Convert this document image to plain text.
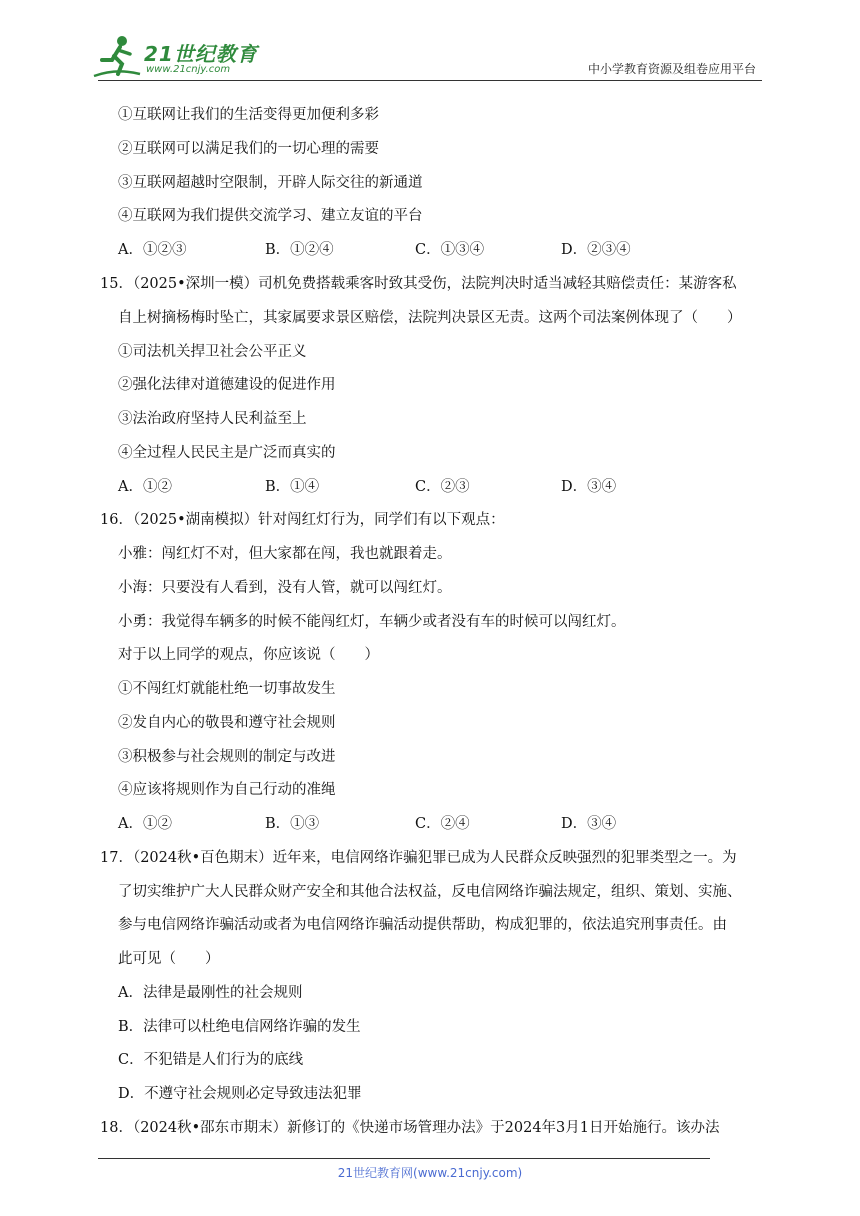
21世纪教育
www.21cnjy.com	中小学教育资源及组卷应用平台
①互联网让我们的生活变得更加便利多彩
②互联网可以满足我们的一切心理的需要
③互联网超越时空限制，开辟人际交往的新通道
④互联网为我们提供交流学习、建立友谊的平台
A．①②③	B．①②④	C．①③④	D．②③④
15．（2025•深圳一模）司机免费搭载乘客时致其受伤，法院判决时适当减轻其赔偿责任：某游客私
自上树摘杨梅时坠亡，其家属要求景区赔偿，法院判决景区无责。这两个司法案例体现了（　　）
①司法机关捍卫社会公平正义
②强化法律对道德建设的促进作用
③法治政府坚持人民利益至上
④全过程人民民主是广泛而真实的
A．①②	B．①④	C．②③	D．③④
16．（2025•湖南模拟）针对闯红灯行为，同学们有以下观点：
小雅：闯红灯不对，但大家都在闯，我也就跟着走。
小海：只要没有人看到，没有人管，就可以闯红灯。
小勇：我觉得车辆多的时候不能闯红灯，车辆少或者没有车的时候可以闯红灯。
对于以上同学的观点，你应该说（　　）
①不闯红灯就能杜绝一切事故发生
②发自内心的敬畏和遵守社会规则
③积极参与社会规则的制定与改进
④应该将规则作为自己行动的准绳
A．①②	B．①③	C．②④	D．③④
17．（2024秋•百色期末）近年来，电信网络诈骗犯罪已成为人民群众反映强烈的犯罪类型之一。为
了切实维护广大人民群众财产安全和其他合法权益，反电信网络诈骗法规定，组织、策划、实施、
参与电信网络诈骗活动或者为电信网络诈骗活动提供帮助，构成犯罪的，依法追究刑事责任。由
此可见（　　）
A．法律是最刚性的社会规则
B．法律可以杜绝电信网络诈骗的发生
C．不犯错是人们行为的底线
D．不遵守社会规则必定导致违法犯罪
18．（2024秋•邵东市期末）新修订的《快递市场管理办法》于2024年3月1日开始施行。该办法
21世纪教育网(www.21cnjy.com)
